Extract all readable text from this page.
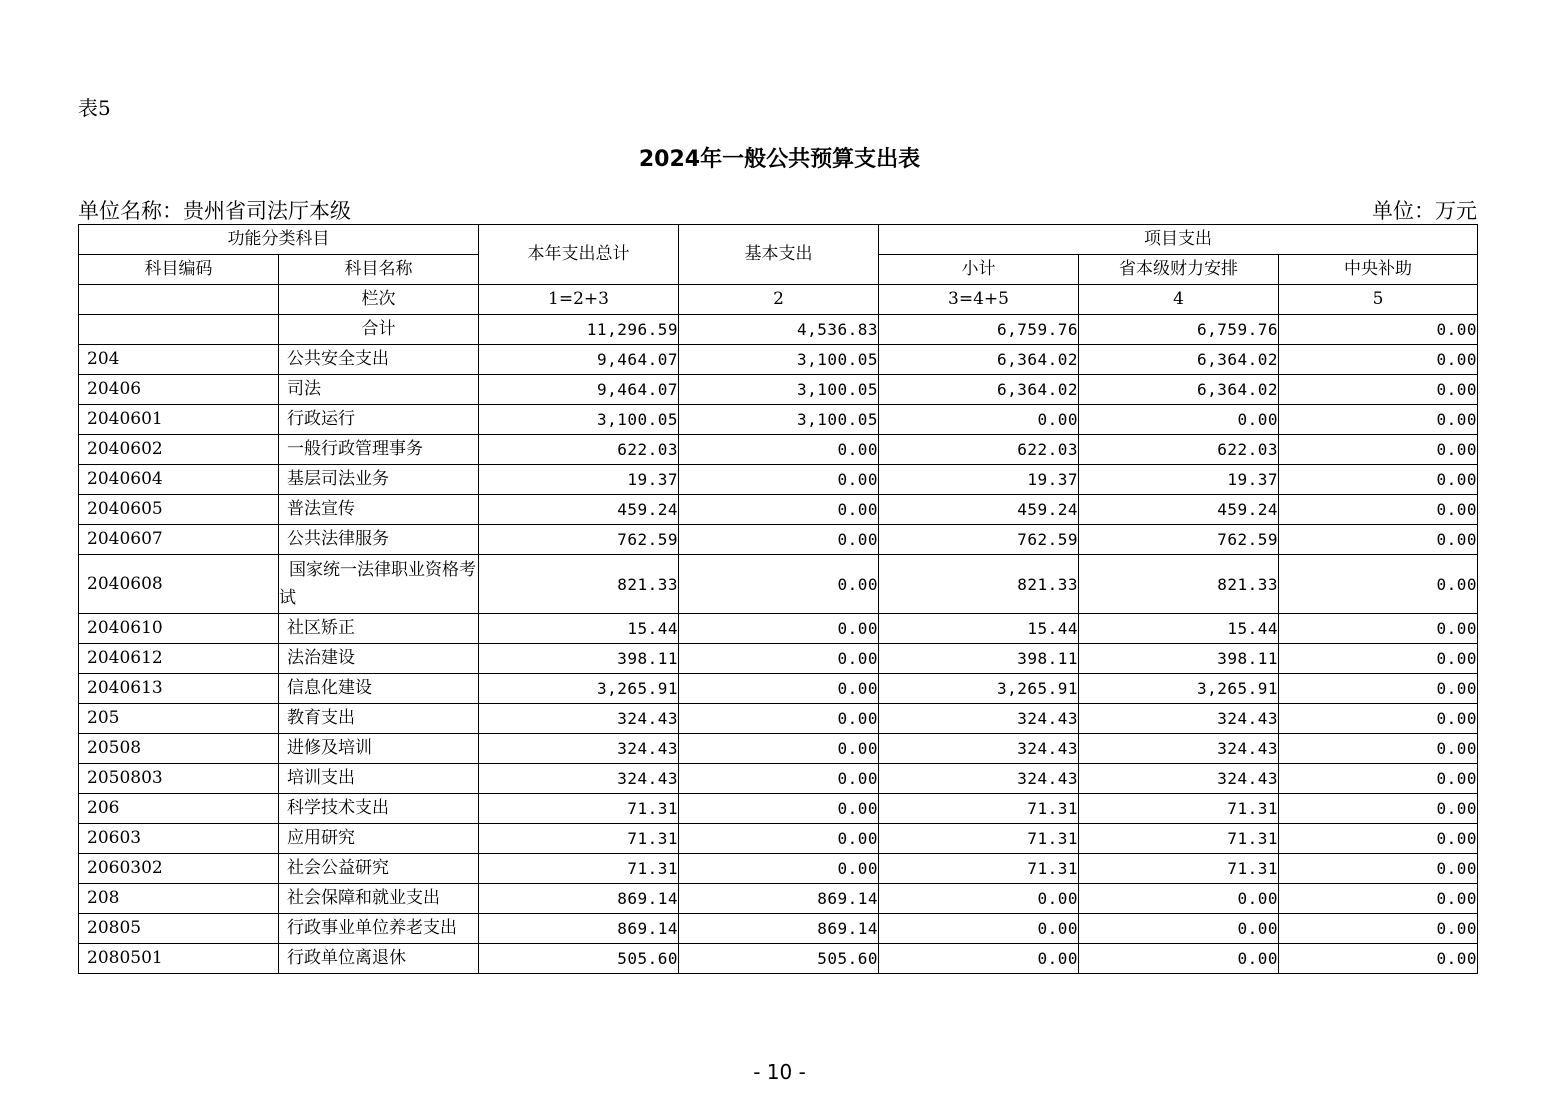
表5
2024年一般公共预算支出表
单位名称：贵州省司法厅本级	单位：万元
功能分类科目		本年支出总计	基本支出	项目支出		
科目编码	科目名称			小计	省本级财力安排	中央补助
	栏次	1=2+3	2	3=4+5	4	5
	合计	11,296.59	4,536.83	6,759.76	6,759.76	0.00
204	公共安全支出	9,464.07	3,100.05	6,364.02	6,364.02	0.00
20406	司法	9,464.07	3,100.05	6,364.02	6,364.02	0.00
2040601	行政运行	3,100.05	3,100.05	0.00	0.00	0.00
2040602	一般行政管理事务	622.03	0.00	622.03	622.03	0.00
2040604	基层司法业务	19.37	0.00	19.37	19.37	0.00
2040605	普法宣传	459.24	0.00	459.24	459.24	0.00
2040607	公共法律服务	762.59	0.00	762.59	762.59	0.00
2040608	国家统一法律职业资格考试	821.33	0.00	821.33	821.33	0.00
2040610	社区矫正	15.44	0.00	15.44	15.44	0.00
2040612	法治建设	398.11	0.00	398.11	398.11	0.00
2040613	信息化建设	3,265.91	0.00	3,265.91	3,265.91	0.00
205	教育支出	324.43	0.00	324.43	324.43	0.00
20508	进修及培训	324.43	0.00	324.43	324.43	0.00
2050803	培训支出	324.43	0.00	324.43	324.43	0.00
206	科学技术支出	71.31	0.00	71.31	71.31	0.00
20603	应用研究	71.31	0.00	71.31	71.31	0.00
2060302	社会公益研究	71.31	0.00	71.31	71.31	0.00
208	社会保障和就业支出	869.14	869.14	0.00	0.00	0.00
20805	行政事业单位养老支出	869.14	869.14	0.00	0.00	0.00
2080501	行政单位离退休	505.60	505.60	0.00	0.00	0.00
- 10 -
